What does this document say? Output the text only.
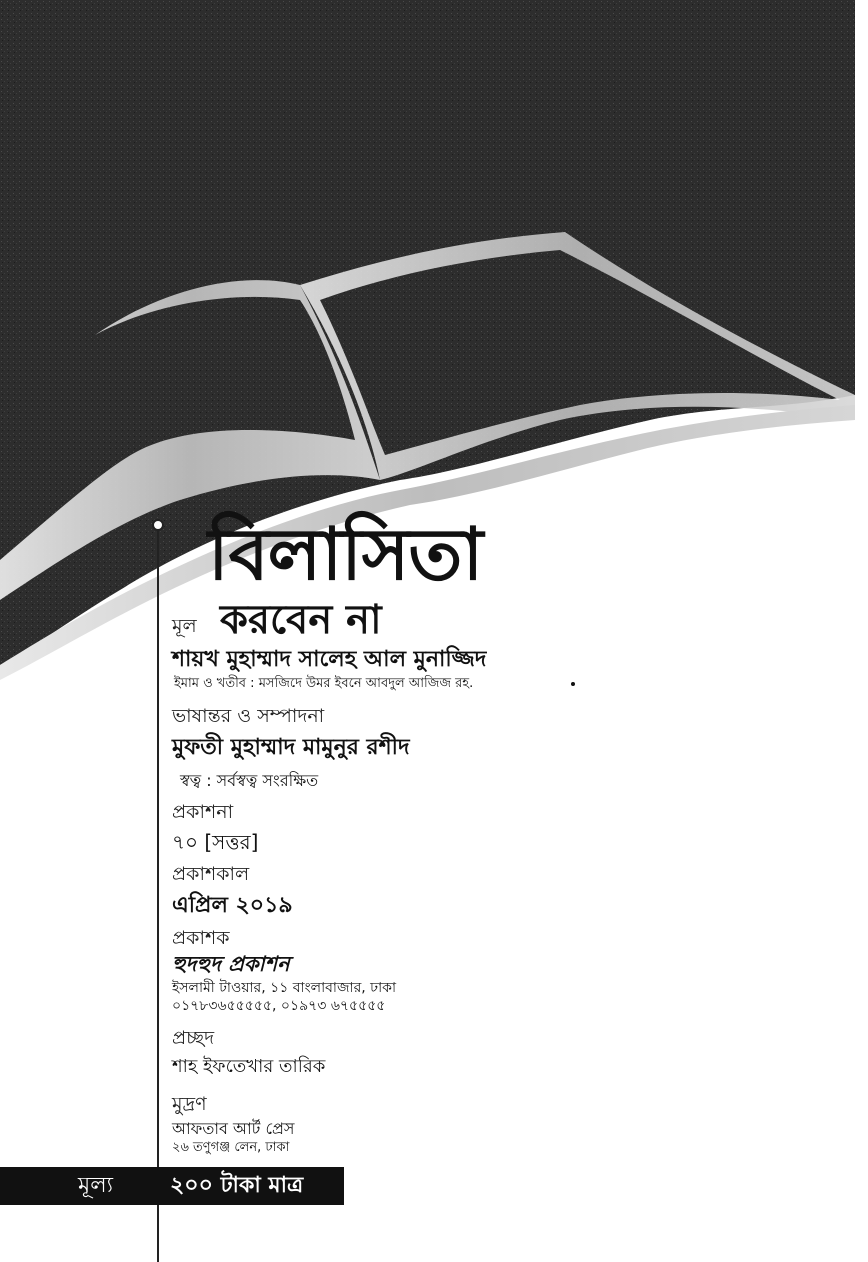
বিলাসিতা
করবেন না
মূল
শায়খ মুহাম্মাদ সালেহ আল মুনাজ্জিদ
ইমাম ও খতীব : মসজিদে উমর ইবনে আবদুল আজিজ রহ.
ভাষান্তর ও সম্পাদনা
মুফতী মুহাম্মাদ মামুনুর রশীদ
স্বত্ব : সর্বস্বত্ব সংরক্ষিত
প্রকাশনা
৭০ [সত্তর]
প্রকাশকাল
এপ্রিল ২০১৯
প্রকাশক
হুদহুদ প্রকাশন
ইসলামী টাওয়ার, ১১ বাংলাবাজার, ঢাকা
০১৭৮৩৬৫৫৫৫৫, ০১৯৭৩ ৬৭৫৫৫৫
প্রচ্ছদ
শাহ ইফতেখার তারিক
মুদ্রণ
আফতাব আর্ট প্রেস
২৬ তণুগঞ্জ লেন, ঢাকা
মূল্য	২০০ টাকা মাত্র
